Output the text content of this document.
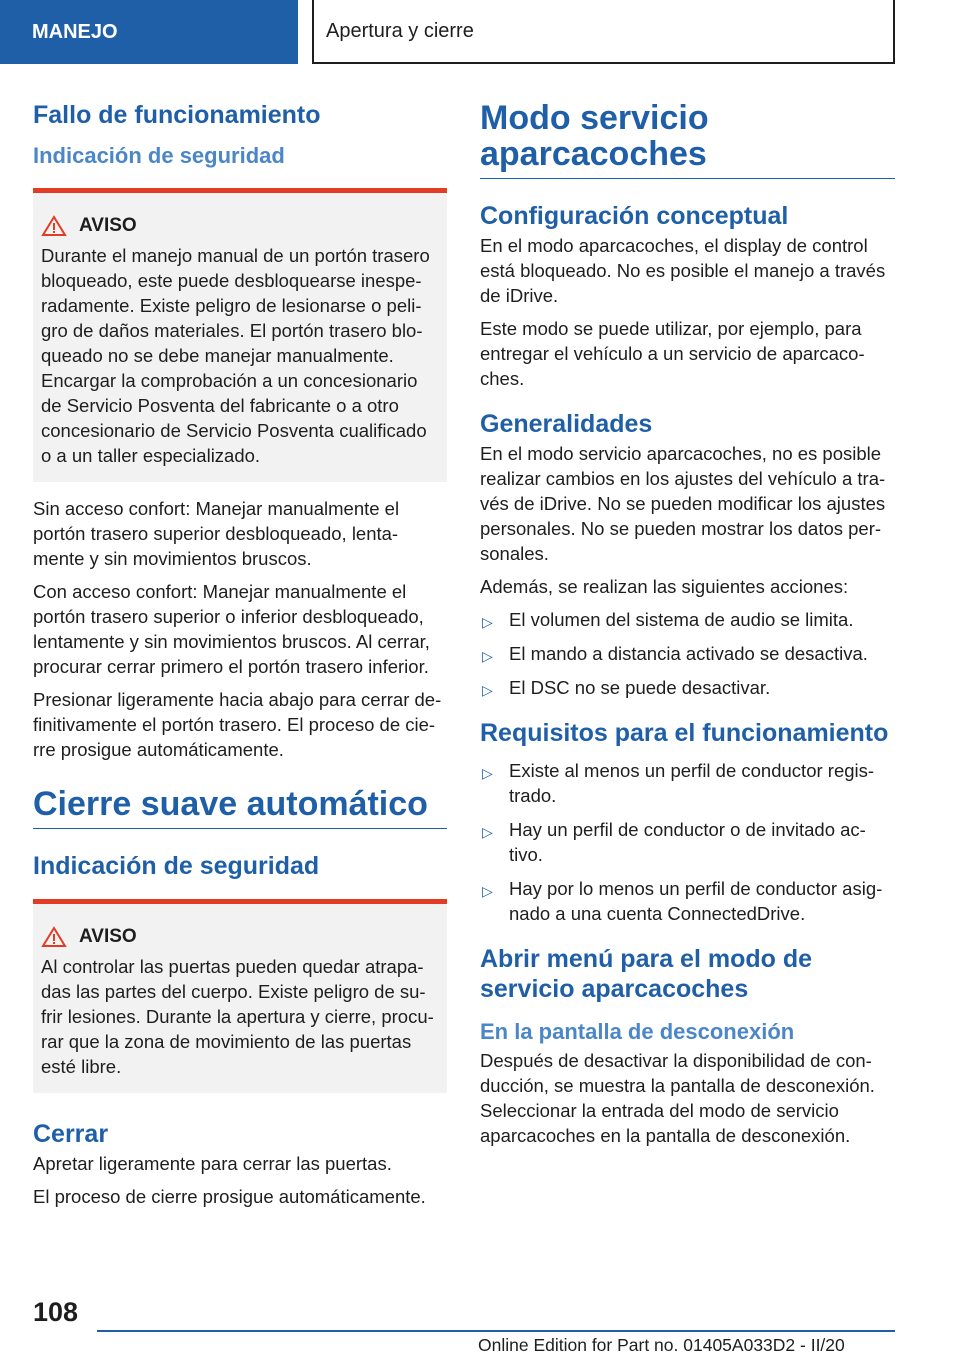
MANEJO	Apertura y cierre
Fallo de funcionamiento
Indicación de seguridad
AVISO

Durante el manejo manual de un portón trasero bloqueado, este puede desbloquearse inespe-radamente. Existe peligro de lesionarse o peli-gro de daños materiales. El portón trasero blo-queado no se debe manejar manualmente. Encargar la comprobación a un concesionario de Servicio Posventa del fabricante o a otro concesionario de Servicio Posventa cualificado o a un taller especializado.

Sin acceso confort: Manejar manualmente el portón trasero superior desbloqueado, lenta-mente y sin movimientos bruscos.

Con acceso confort: Manejar manualmente el portón trasero superior o inferior desbloqueado, lentamente y sin movimientos bruscos. Al cerrar, procurar cerrar primero el portón trasero inferior.

Presionar ligeramente hacia abajo para cerrar de-finitivamente el portón trasero. El proceso de cie-rre prosigue automáticamente.

Cierre suave automático
Indicación de seguridad
AVISO

Al controlar las puertas pueden quedar atrapa-das las partes del cuerpo. Existe peligro de su-frir lesiones. Durante la apertura y cierre, procu-rar que la zona de movimiento de las puertas esté libre.

Cerrar

Apretar ligeramente para cerrar las puertas.

El proceso de cierre prosigue automáticamente.

Modo servicio aparcacoches
Configuración conceptual

En el modo aparcacoches, el display de control está bloqueado. No es posible el manejo a través de iDrive.

Este modo se puede utilizar, por ejemplo, para entregar el vehículo a un servicio de aparcaco-ches.

Generalidades

En el modo servicio aparcacoches, no es posible realizar cambios en los ajustes del vehículo a tra-vés de iDrive. No se pueden modificar los ajustes personales. No se pueden mostrar los datos per-sonales.

Además, se realizan las siguientes acciones:

▷ El volumen del sistema de audio se limita.
▷ El mando a distancia activado se desactiva.
▷ El DSC no se puede desactivar.
Requisitos para el funcionamiento
▷ Existe al menos un perfil de conductor regis-trado.
▷ Hay un perfil de conductor o de invitado ac-tivo.
▷ Hay por lo menos un perfil de conductor asig-nado a una cuenta ConnectedDrive.
Abrir menú para el modo de servicio aparcacoches
En la pantalla de desconexión

Después de desactivar la disponibilidad de con-ducción, se muestra la pantalla de desconexión. Seleccionar la entrada del modo de servicio aparcacoches en la pantalla de desconexión.

108
Online Edition for Part no. 01405A033D2 - II/20
